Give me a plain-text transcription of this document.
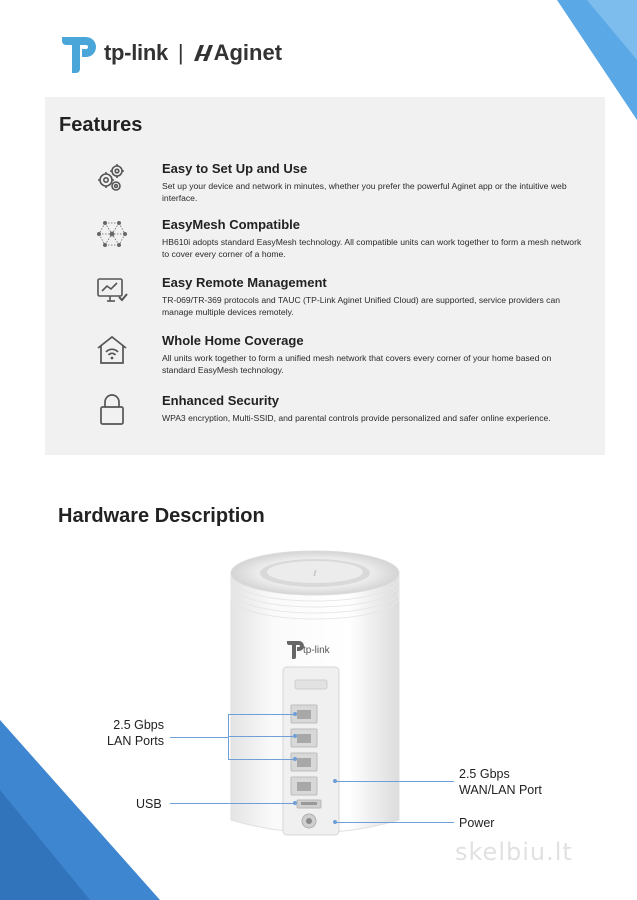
tp-link | Aginet
Features
Easy to Set Up and Use
Set up your device and network in minutes, whether you prefer the powerful Aginet app or the intuitive web interface.
EasyMesh Compatible
HB610i adopts standard EasyMesh technology. All compatible units can work together to form a mesh network to cover every corner of a home.
Easy Remote Management
TR-069/TR-369 protocols and TAUC (TP-Link Aginet Unified Cloud) are supported, service providers can manage multiple devices remotely.
Whole Home Coverage
All units work together to form a unified mesh network that covers every corner of your home based on standard EasyMesh technology.
Enhanced Security
WPA3 encryption, Multi-SSID, and parental controls provide personalized and safer online experience.
Hardware Description
ℓ
tp-link
2.5 Gbps
LAN Ports
USB
2.5 Gbps
WAN/LAN Port
Power
skelbiu.lt
